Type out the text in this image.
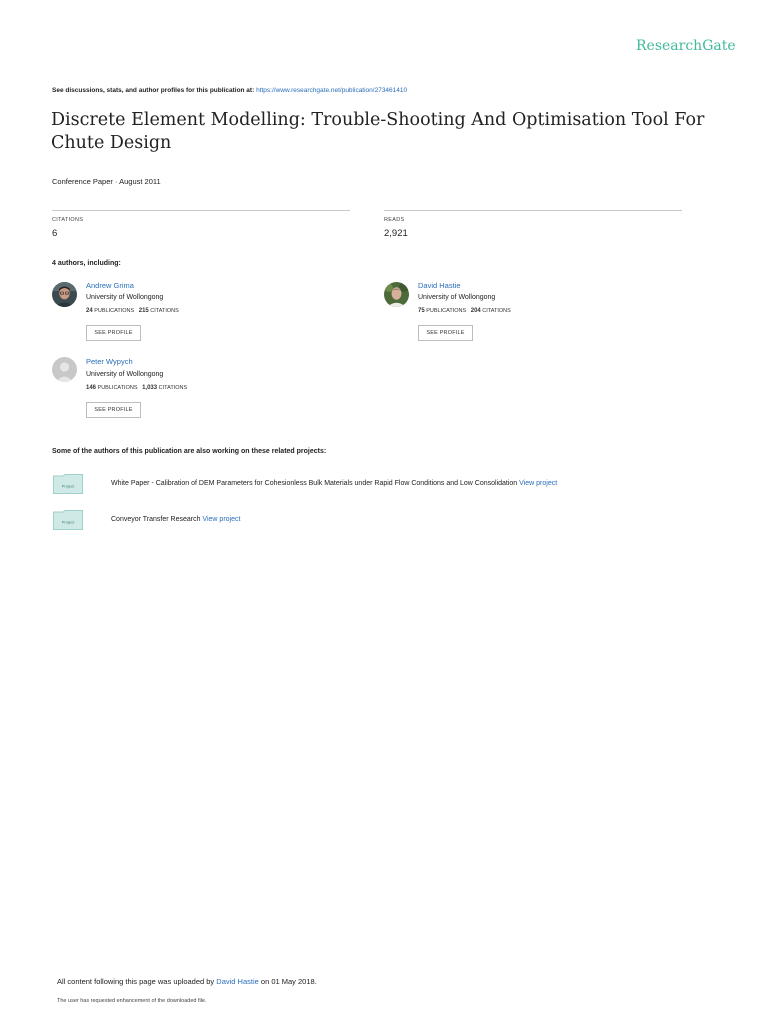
ResearchGate
See discussions, stats, and author profiles for this publication at: https://www.researchgate.net/publication/273461410
Discrete Element Modelling: Trouble-Shooting And Optimisation Tool For Chute Design
Conference Paper · August 2011
CITATIONS
6
READS
2,921
4 authors, including:
Andrew Grima
University of Wollongong
24 PUBLICATIONS 215 CITATIONS
SEE PROFILE
David Hastie
University of Wollongong
75 PUBLICATIONS 204 CITATIONS
SEE PROFILE
Peter Wypych
University of Wollongong
146 PUBLICATIONS 1,033 CITATIONS
SEE PROFILE
Some of the authors of this publication are also working on these related projects:
Project	White Paper - Calibration of DEM Parameters for Cohesionless Bulk Materials under Rapid Flow Conditions and Low Consolidation View project
Project	Conveyor Transfer Research View project
All content following this page was uploaded by David Hastie on 01 May 2018.
The user has requested enhancement of the downloaded file.
